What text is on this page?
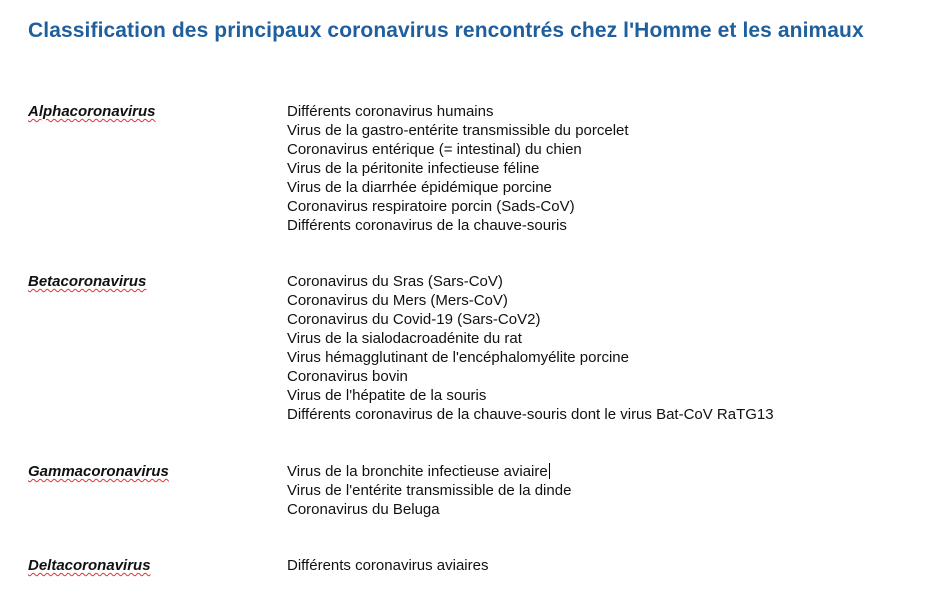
Classification des principaux coronavirus rencontrés chez l'Homme et les animaux
Alphacoronavirus	Différents coronavirus humains
Virus de la gastro-entérite transmissible du porcelet
Coronavirus entérique (= intestinal) du chien
Virus de la péritonite infectieuse féline
Virus de la diarrhée épidémique porcine
Coronavirus respiratoire porcin (Sads-CoV)
Différents coronavirus de la chauve-souris
Betacoronavirus	Coronavirus du Sras (Sars-CoV)
Coronavirus du Mers (Mers-CoV)
Coronavirus du Covid-19 (Sars-CoV2)
Virus de la sialodacroadénite du rat
Virus hémagglutinant de l'encéphalomyélite porcine
Coronavirus bovin
Virus de l'hépatite de la souris
Différents coronavirus de la chauve-souris dont le virus Bat-CoV RaTG13
Gammacoronavirus	Virus de la bronchite infectieuse aviaire
Virus de l'entérite transmissible de la dinde
Coronavirus du Beluga
Deltacoronavirus	Différents coronavirus aviaires
